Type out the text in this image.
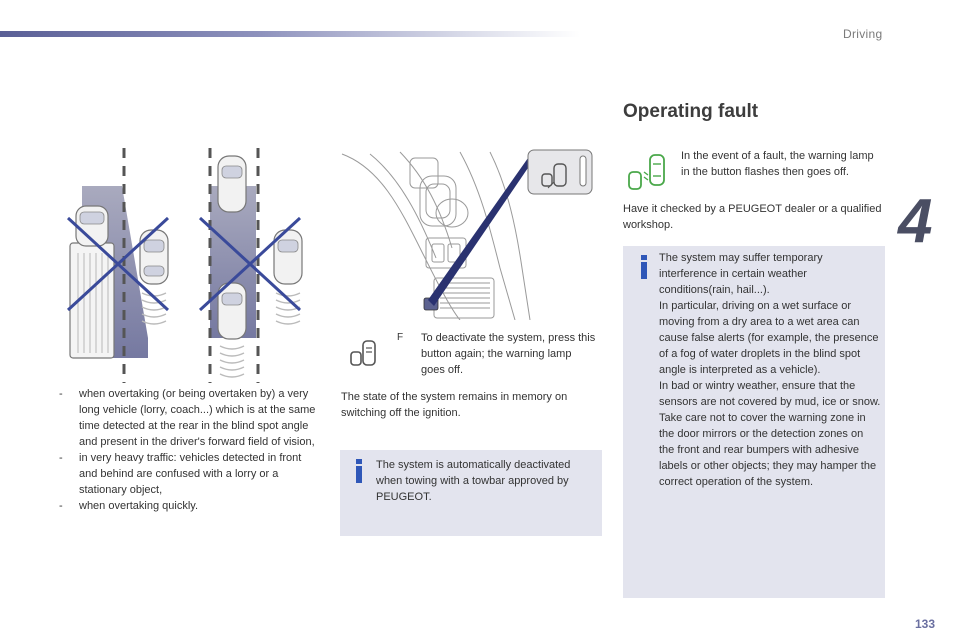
Driving
4
133
- when overtaking (or being overtaken by) a very long vehicle (lorry, coach...) which is at the same time detected at the rear in the blind spot angle and present in the driver's forward field of vision,
- in very heavy traffic: vehicles detected in front and behind are confused with a lorry or a stationary object,
- when overtaking quickly.
F	To deactivate the system, press this button again; the warning lamp goes off.
The state of the system remains in memory on switching off the ignition.

The system is automatically deactivated when towing with a towbar approved by PEUGEOT.

Operating fault
In the event of a fault, the warning lamp in the button flashes then goes off.
Have it checked by a PEUGEOT dealer or a qualified workshop.

The system may suffer temporary interference in certain weather conditions(rain, hail...).

In particular, driving on a wet surface or moving from a dry area to a wet area can cause false alerts (for example, the presence of a fog of water droplets in the blind spot angle is interpreted as a vehicle).

In bad or wintry weather, ensure that the sensors are not covered by mud, ice or snow.

Take care not to cover the warning zone in the door mirrors or the detection zones on the front and rear bumpers with adhesive labels or other objects; they may hamper the correct operation of the system.
